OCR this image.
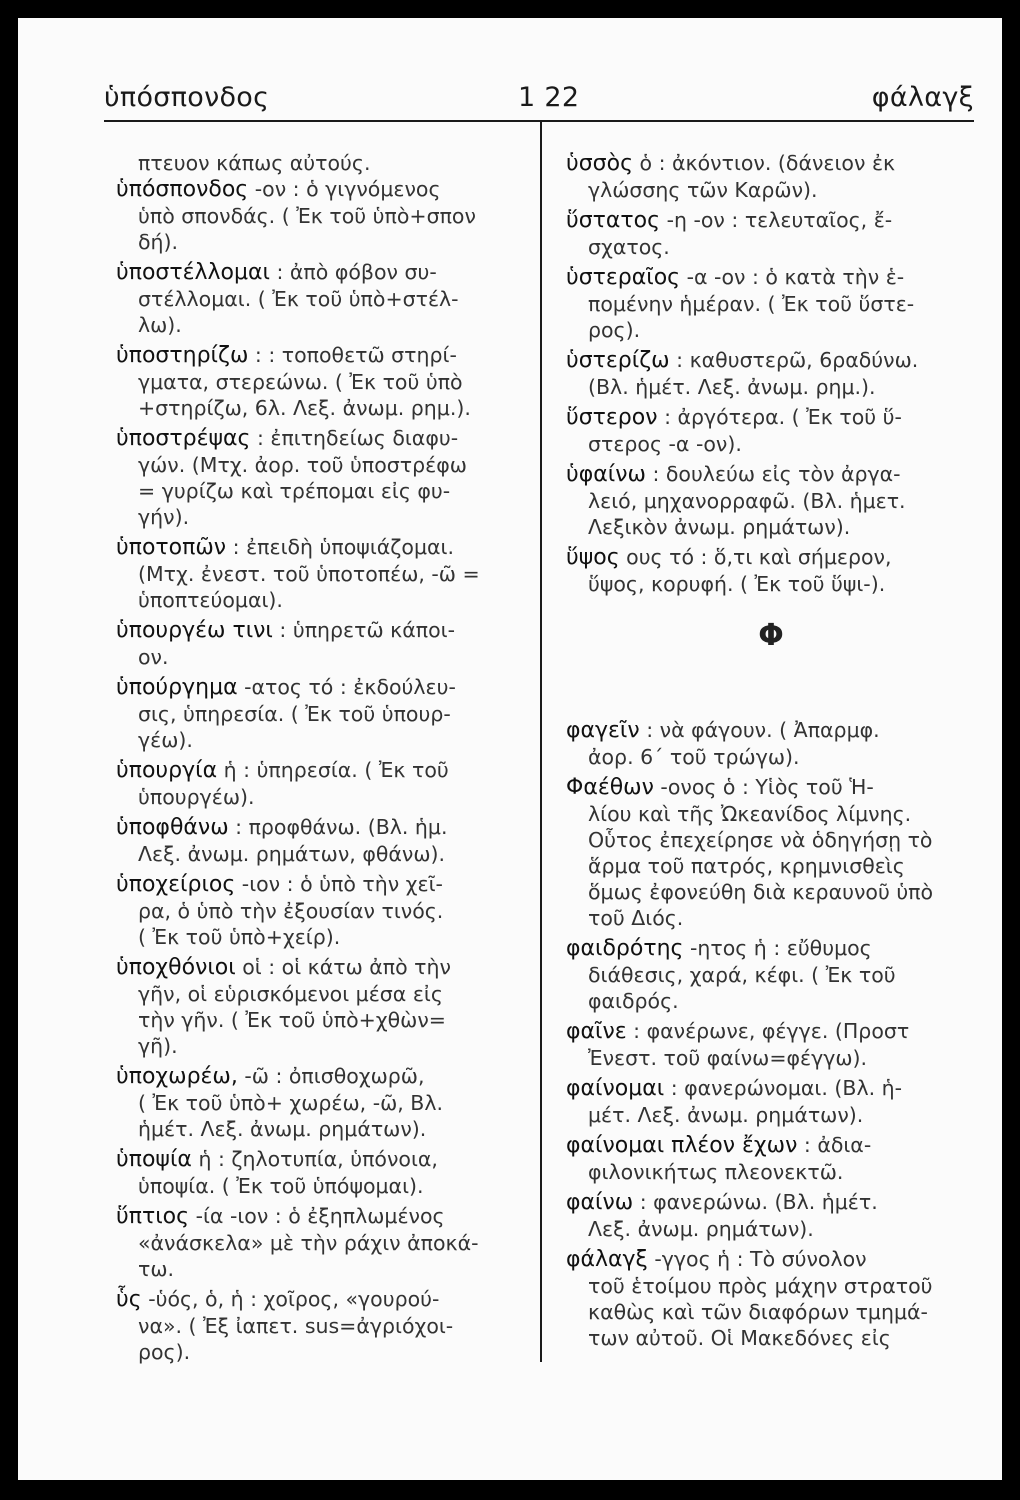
ὑπόσπονδος	1 22	φάλαγξ
πτευον κάπως αὐτούς.
ὑπόσπονδος -ον : ὁ γιγνόμενος
ὑπὸ σπονδάς. ( Ἐκ τοῦ ὑπὸ+σπον
δή).
ὑποστέλλομαι : ἀπὸ φόβον συ-
στέλλομαι. ( Ἐκ τοῦ ὑπὸ+στέλ-
λω).
ὑποστηρίζω : : τοποθετῶ στηρί-
γματα, στερεώνω. ( Ἐκ τοῦ ὑπὸ
+στηρίζω, 6λ. Λεξ. ἀνωμ. ρημ.).
ὑποστρέψας : ἐπιτηδείως διαφυ-
γών. (Μτχ. ἀορ. τοῦ ὑποστρέφω
= γυρίζω καὶ τρέπομαι εἰς φυ-
γήν).
ὑποτοπῶν : ἐπειδὴ ὑποψιάζομαι.
(Μτχ. ἐνεστ. τοῦ ὑποτοπέω, -ῶ =
ὑποπτεύομαι).
ὑπουργέω τινι : ὑπηρετῶ κάποι-
ον.
ὑπούργημα -ατος τό : ἐκδούλευ-
σις, ὑπηρεσία. ( Ἐκ τοῦ ὑπουρ-
γέω).
ὑπουργία ἡ : ὑπηρεσία. ( Ἐκ τοῦ
ὑπουργέω).
ὑποφθάνω : προφθάνω. (Βλ. ἡμ.
Λεξ. ἀνωμ. ρημάτων, φθάνω).
ὑποχείριος -ιον : ὁ ὑπὸ τὴν χεῖ-
ρα, ὁ ὑπὸ τὴν ἐξουσίαν τινός.
( Ἐκ τοῦ ὑπὸ+χείρ).
ὑποχθόνιοι οἱ : οἱ κάτω ἀπὸ τὴν
γῆν, οἱ εὑρισκόμενοι μέσα εἰς
τὴν γῆν. ( Ἐκ τοῦ ὑπὸ+χθὼν=
γῆ).
ὑποχωρέω, -ῶ : ὀπισθοχωρῶ,
( Ἐκ τοῦ ὑπὸ+ χωρέω, -ῶ, Βλ.
ἡμέτ. Λεξ. ἀνωμ. ρημάτων).
ὑποψία ἡ : ζηλοτυπία, ὑπόνοια,
ὑποψία. ( Ἐκ τοῦ ὑπόψομαι).
ὕπτιος -ία -ιον : ὁ ἐξηπλωμένος
«ἀνάσκελα» μὲ τὴν ράχιν ἀποκά-
τω.
ὗς -ὑός, ὁ, ἡ : χοῖρος, «γουρού-
να». ( Ἐξ ἰαπετ. sus=ἀγριόχοι-
ρος).
ὑσσὸς ὁ : ἀκόντιον. (δάνειον ἐκ
γλώσσης τῶν Καρῶν).
ὕστατος -η -ον : τελευταῖος, ἔ-
σχατος.
ὑστεραῖος -α -ον : ὁ κατὰ τὴν ἑ-
πομένην ἡμέραν. ( Ἐκ τοῦ ὕστε-
ρος).
ὑστερίζω : καθυστερῶ, 6ραδύνω.
(Βλ. ἡμέτ. Λεξ. ἀνωμ. ρημ.).
ὕστερον : ἀργότερα. ( Ἐκ τοῦ ὕ-
στερος -α -ον).
ὑφαίνω : δουλεύω εἰς τὸν ἀργα-
λειό, μηχανορραφῶ. (Βλ. ἡμετ.
Λεξικὸν ἀνωμ. ρημάτων).
ὕψος ους τό : ὅ,τι καὶ σήμερον,
ὕψος, κορυφή. ( Ἐκ τοῦ ὕψι-).
Φ
φαγεῖν : νὰ φάγουν. ( Ἀπαρμφ.
ἀορ. 6΄ τοῦ τρώγω).
Φαέθων -ονος ὁ : Υἱὸς τοῦ Ἡ-
λίου καὶ τῆς Ὠκεανίδος λίμνης.
Οὗτος ἐπεχείρησε νὰ ὁδηγήσῃ τὸ
ἅρμα τοῦ πατρός, κρημνισθεὶς
ὅμως ἐφονεύθη διὰ κεραυνοῦ ὑπὸ
τοῦ Διός.
φαιδρότης -ητος ἡ : εὔθυμος
διάθεσις, χαρά, κέφι. ( Ἐκ τοῦ
φαιδρός.
φαῖνε : φανέρωνε, φέγγε. (Προστ
Ἐνεστ. τοῦ φαίνω=φέγγω).
φαίνομαι : φανερώνομαι. (Βλ. ἡ-
μέτ. Λεξ. ἀνωμ. ρημάτων).
φαίνομαι πλέον ἔχων : ἀδια-
φιλονικήτως πλεονεκτῶ.
φαίνω : φανερώνω. (Βλ. ἡμέτ.
Λεξ. ἀνωμ. ρημάτων).
φάλαγξ -γγος ἡ : Τὸ σύνολον
τοῦ ἑτοίμου πρὸς μάχην στρατοῦ
καθὼς καὶ τῶν διαφόρων τμημά-
των αὐτοῦ. Οἱ Μακεδόνες εἰς
